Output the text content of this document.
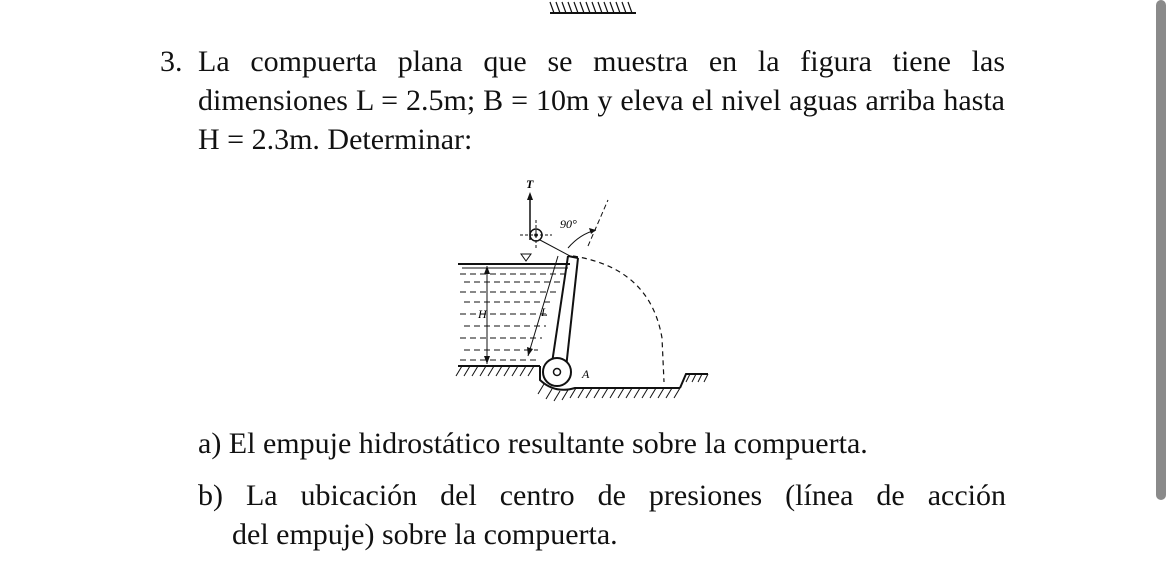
3. La compuerta plana que se muestra en la figura tiene las dimensiones L = 2.5m; B = 10m y eleva el nivel aguas arriba hasta H = 2.3m. Determinar:
H	L
A
T
90°
a) El empuje hidrostático resultante sobre la compuerta.
b) La ubicación del centro de presiones (línea de acción
del empuje) sobre la compuerta.
